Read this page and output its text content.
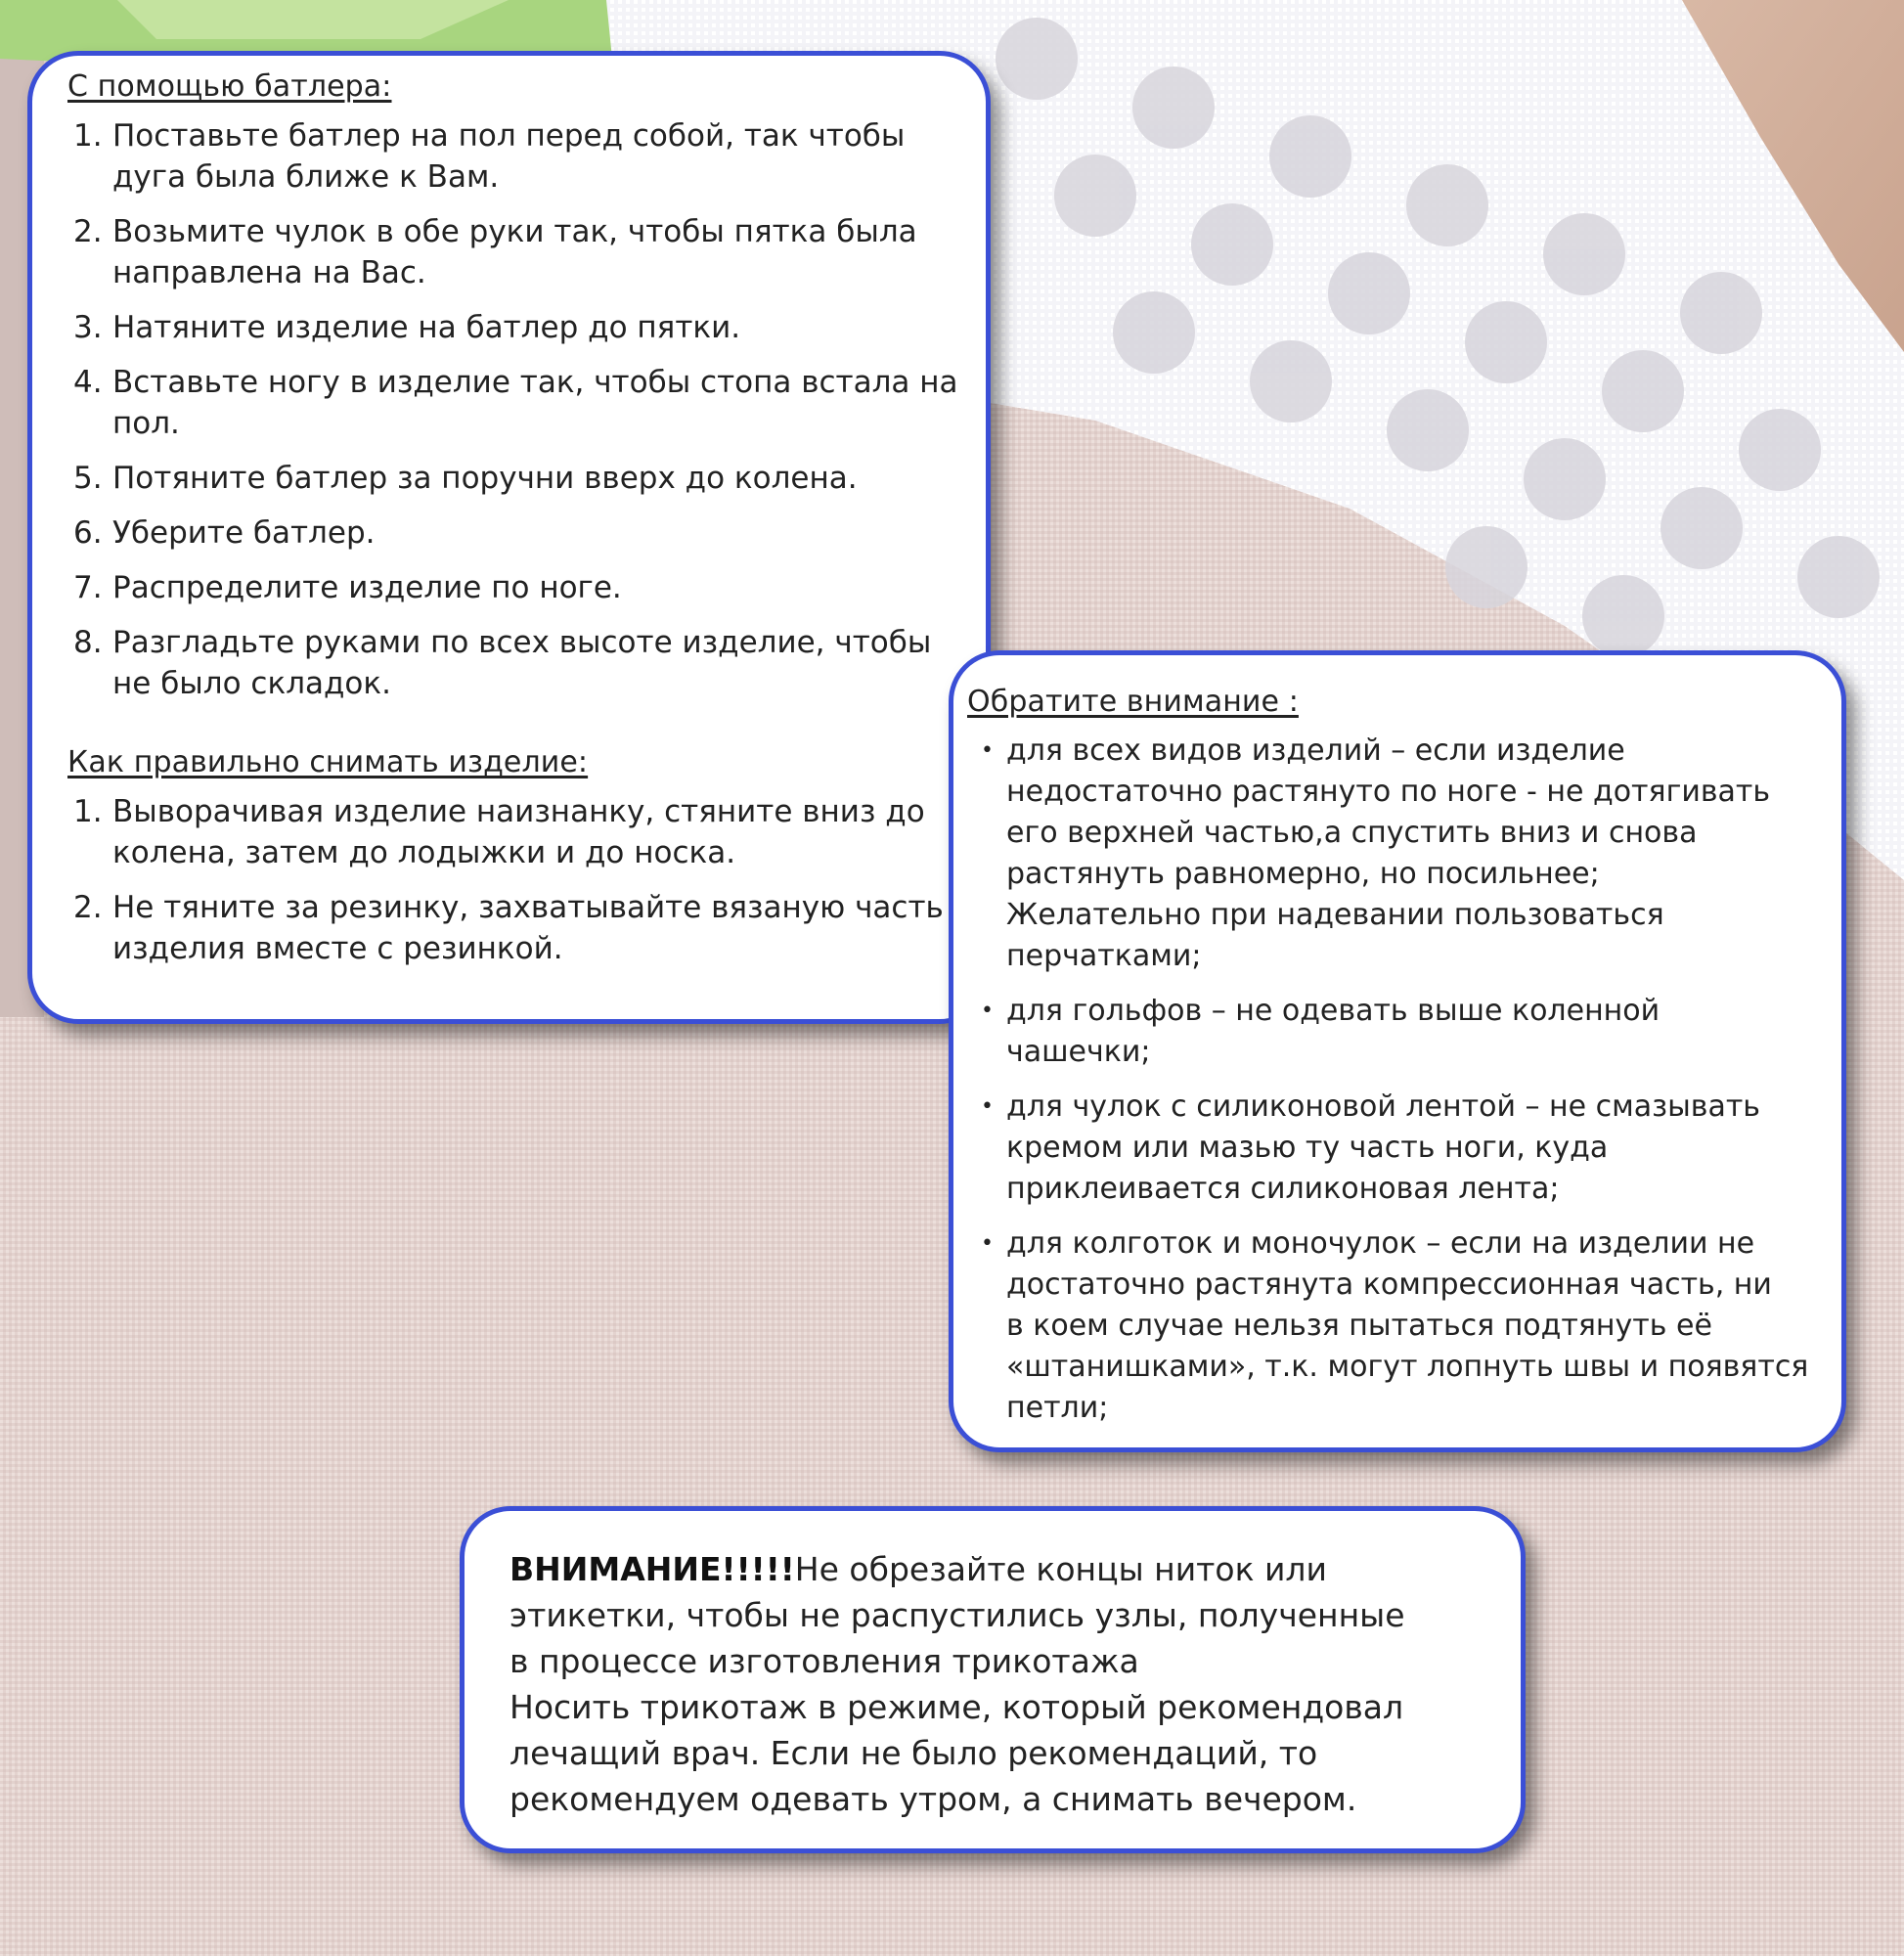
С помощью батлера:
1. Поставьте батлер на пол перед собой, так чтобы дуга была ближе к Вам.
2. Возьмите чулок в обе руки так, чтобы пятка была направлена на Вас.
3. Натяните изделие на батлер до пятки.
4. Вставьте ногу в изделие так, чтобы стопа встала на пол.
5. Потяните батлер за поручни вверх до колена.
6. Уберите батлер.
7. Распределите изделие по ноге.
8. Разгладьте руками по всех высоте изделие, чтобы не было складок.
Как правильно снимать изделие:
1. Выворачивая изделие наизнанку, стяните вниз до колена, затем до лодыжки и до носка.
2. Не тяните за резинку, захватывайте вязаную часть изделия вместе с резинкой.
Обратите внимание :
• для всех видов изделий – если изделие
недостаточно растянуто по ноге - не дотягивать
его верхней частью,а спустить вниз и снова
растянуть равномерно, но посильнее;
Желательно при надевании пользоваться
перчатками;
• для гольфов – не одевать выше коленной
чашечки;
• для чулок с силиконовой лентой – не смазывать
кремом или мазью ту часть ноги, куда
приклеивается силиконовая лента;
• для колготок и моночулок – если на изделии не
достаточно растянута компрессионная часть, ни
в коем случае нельзя пытаться подтянуть её
«штанишками», т.к. могут лопнуть швы и появятся
петли;
ВНИМАНИЕ!!!!!Не обрезайте концы ниток или
этикетки, чтобы не распустились узлы, полученные
в процессе изготовления трикотажа
Носить трикотаж в режиме, который рекомендовал
лечащий врач. Если не было рекомендаций, то
рекомендуем одевать утром, а снимать вечером.
